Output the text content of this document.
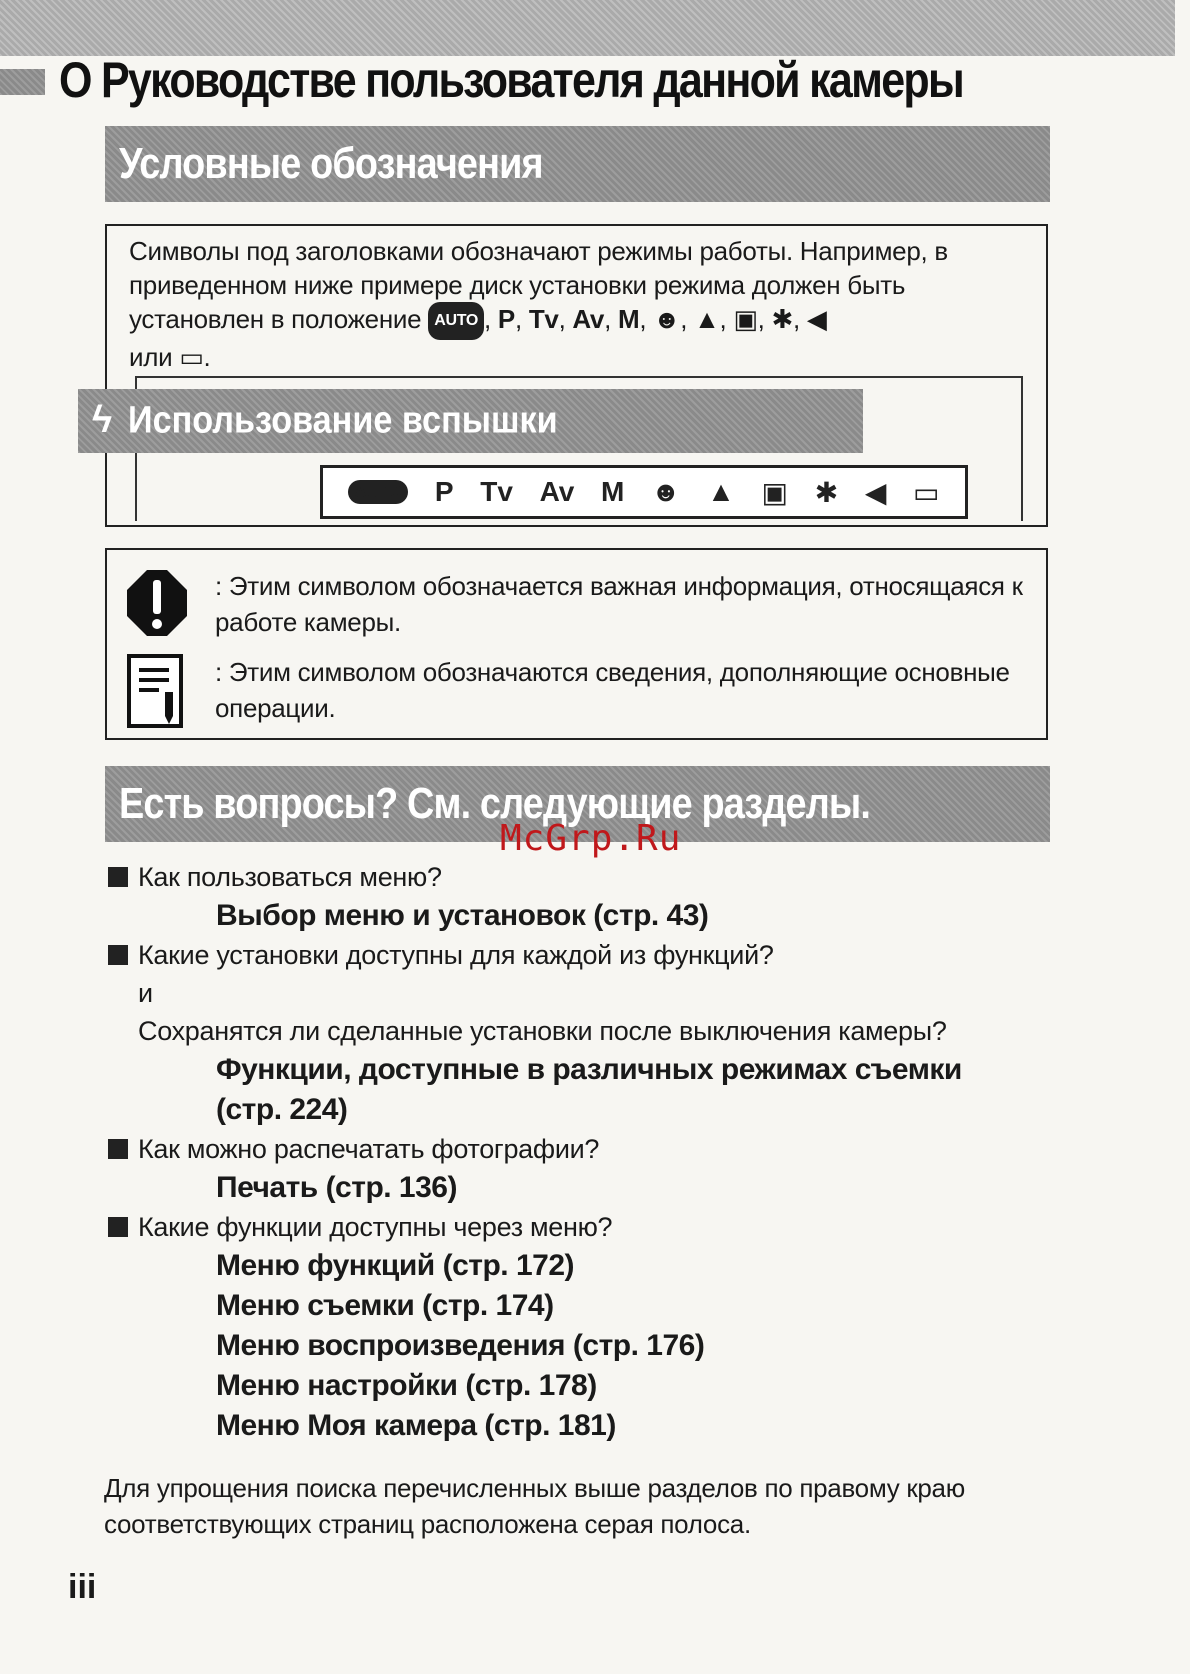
О Руководстве пользователя данной камеры
Условные обозначения

Символы под заголовками обозначают режимы работы. Например, в приведенном ниже примере диск установки режима должен быть установлен в положение AUTO , P, Tv, Av, M, ☻, ▲, ▣, ✱, ◀
или ▭.

ϟ Использование вспышки
AUTO P Tv Av M ☻ ▲ ▣ ✱ ◀ ▭

: Этим символом обозначается важная информация, относящаяся к работе камеры.

: Этим символом обозначаются сведения, дополняющие основные операции.

Есть вопросы? См. следующие разделы.
McGrp.Ru

Как пользоваться меню?

Выбор меню и установок (стр. 43)

Какие установки доступны для каждой из функций?

и

Сохранятся ли сделанные установки после выключения камеры?

Функции, доступные в различных режимах съемки (стр. 224)

Как можно распечатать фотографии?

Печать (стр. 136)

Какие функции доступны через меню?

Меню функций (стр. 172)

Меню съемки (стр. 174)

Меню воспроизведения (стр. 176)

Меню настройки (стр. 178)

Меню Моя камера (стр. 181)

Для упрощения поиска перечисленных выше разделов по правому краю соответствующих страниц расположена серая полоса.

iii
